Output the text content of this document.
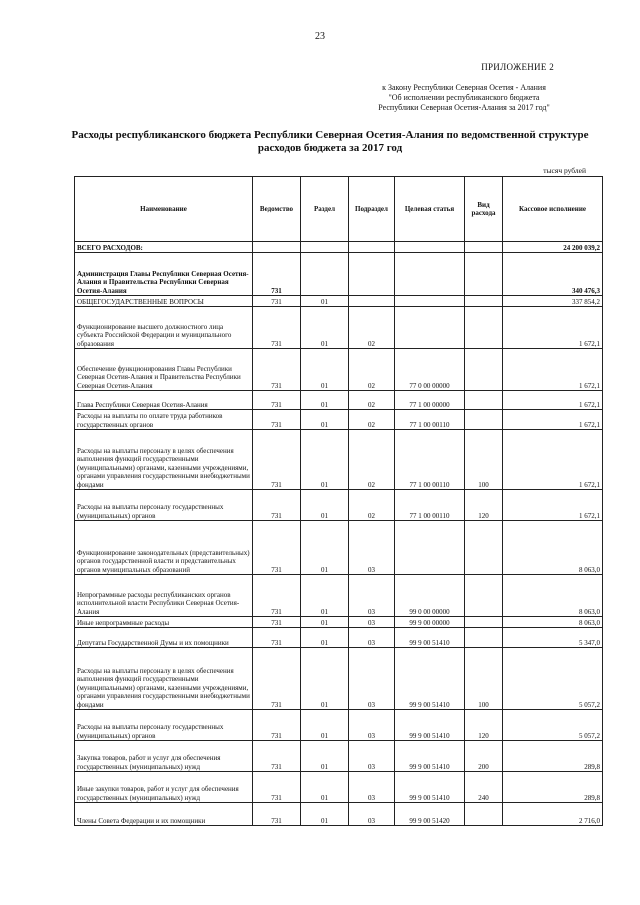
23
ПРИЛОЖЕНИЕ 2
к Закону Республики Северная Осетия - Алания
"Об исполнении республиканского бюджета
Республики Северная Осетия-Алания за 2017 год"
Расходы республиканского бюджета Республики Северная Осетия-Алания по ведомственной структуре
расходов бюджета за 2017 год
тысяч рублей
Наименование	Ведомство	Раздел	Подраздел	Целевая статья	Вид расхода	Кассовое исполнение
ВСЕГО РАСХОДОВ:						24 200 039,2
Администрация Главы Республики Северная Осетия-Алания и Правительства Республики Северная Осетия-Алания	731					340 476,3
ОБЩЕГОСУДАРСТВЕННЫЕ ВОПРОСЫ	731	01				337 854,2
Функционирование высшего должностного лица субъекта Российской Федерации и муниципального образования	731	01	02			1 672,1
Обеспечение функционирования Главы Республики Северная Осетия-Алания и Правительства Республики Северная Осетия-Алания	731	01	02	77 0 00 00000		1 672,1
Глава Республики Северная Осетия-Алания	731	01	02	77 1 00 00000		1 672,1
Расходы на выплаты по оплате труда работников государственных органов	731	01	02	77 1 00 00110		1 672,1
Расходы на выплаты персоналу в целях обеспечения выполнения функций государственными (муниципальными) органами, казенными учреждениями, органами управления государственными внебюджетными фондами	731	01	02	77 1 00 00110	100	1 672,1
Расходы на выплаты персоналу государственных (муниципальных) органов	731	01	02	77 1 00 00110	120	1 672,1
Функционирование законодательных (представительных) органов государственной власти и представительных органов муниципальных образований	731	01	03			8 063,0
Непрограммные расходы республиканских органов исполнительной власти Республики Северная Осетия-Алания	731	01	03	99 0 00 00000		8 063,0
Иные непрограммные расходы	731	01	03	99 9 00 00000		8 063,0
Депутаты Государственной Думы и их помощники	731	01	03	99 9 00 51410		5 347,0
Расходы на выплаты персоналу в целях обеспечения выполнения функций государственными (муниципальными) органами, казенными учреждениями, органами управления государственными внебюджетными фондами	731	01	03	99 9 00 51410	100	5 057,2
Расходы на выплаты персоналу государственных (муниципальных) органов	731	01	03	99 9 00 51410	120	5 057,2
Закупка товаров, работ и услуг для обеспечения государственных (муниципальных) нужд	731	01	03	99 9 00 51410	200	289,8
Иные закупки товаров, работ и услуг для обеспечения государственных (муниципальных) нужд	731	01	03	99 9 00 51410	240	289,8
Члены Совета Федерации и их помощники	731	01	03	99 9 00 51420		2 716,0
